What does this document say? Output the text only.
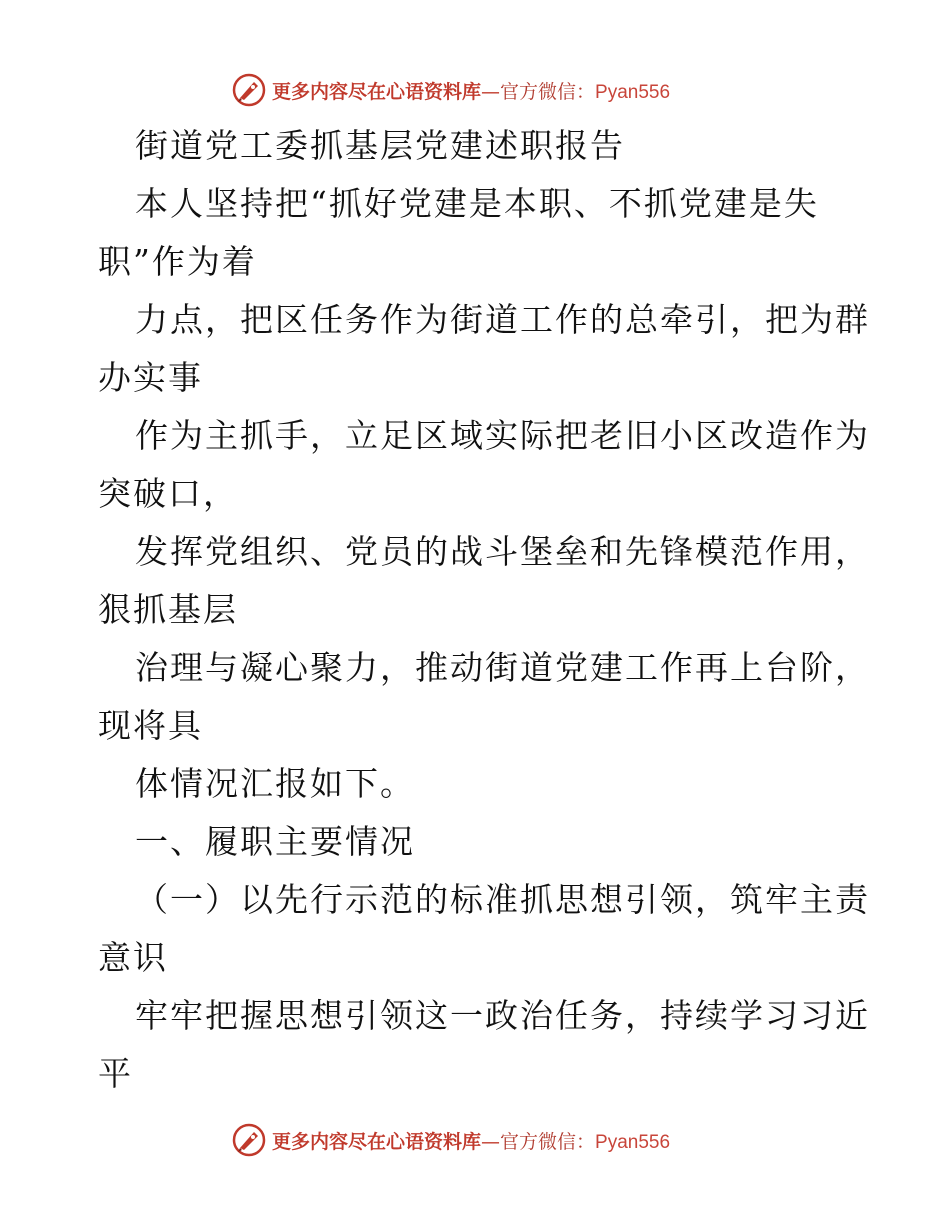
更多内容尽在心语资料库—官方微信：Pyan556
街道党工委抓基层党建述职报告
本人坚持把“抓好党建是本职、不抓党建是失
职”作为着
力点，把区任务作为街道工作的总牵引，把为群
办实事
作为主抓手，立足区域实际把老旧小区改造作为
突破口，
发挥党组织、党员的战斗堡垒和先锋模范作用，
狠抓基层
治理与凝心聚力，推动街道党建工作再上台阶，
现将具
体情况汇报如下。
一、履职主要情况
（一）以先行示范的标准抓思想引领，筑牢主责
意识
牢牢把握思想引领这一政治任务，持续学习习近
平
更多内容尽在心语资料库—官方微信：Pyan556
